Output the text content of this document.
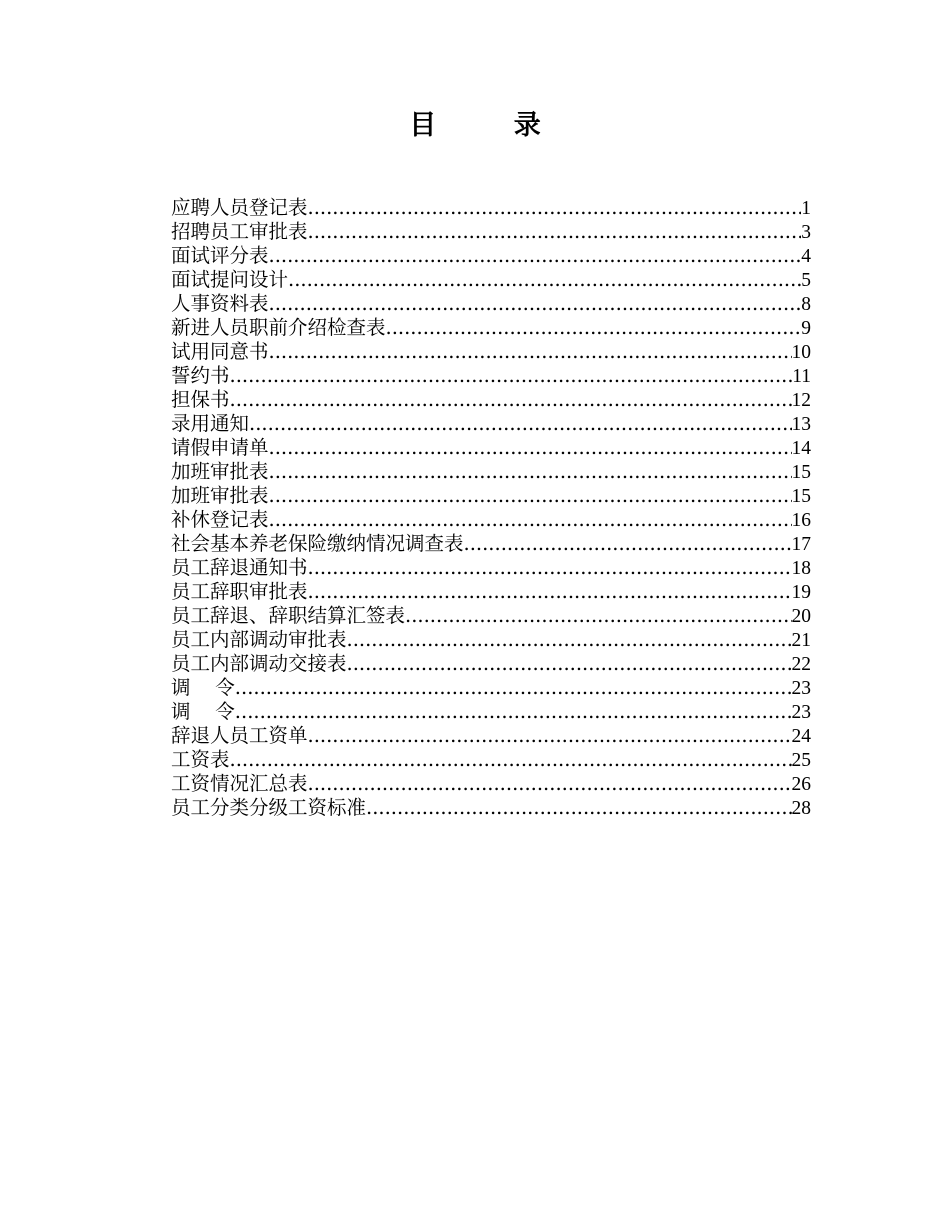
目 录
应聘人员登记表 .....	1
招聘员工审批表 .....	3
面试评分表 .....	4
面试提问设计 .....	5
人事资料表 .....	8
新进人员职前介绍检查表 .....	9
试用同意书 .....	10
誓约书 .....	11
担保书 .....	12
录用通知 .....	13
请假申请单 .....	14
加班审批表 .....	15
加班审批表 .....	15
补休登记表 .....	16
社会基本养老保险缴纳情况调查表 .....	17
员工辞退通知书 .....	18
员工辞职审批表 .....	19
员工辞退、辞职结算汇签表 .....	20
员工内部调动审批表 .....	21
员工内部调动交接表 .....	22
调    令 .....	23
调    令 .....	23
辞退人员工资单 .....	24
工资表 .....	25
工资情况汇总表 .....	26
员工分类分级工资标准 .....	28
